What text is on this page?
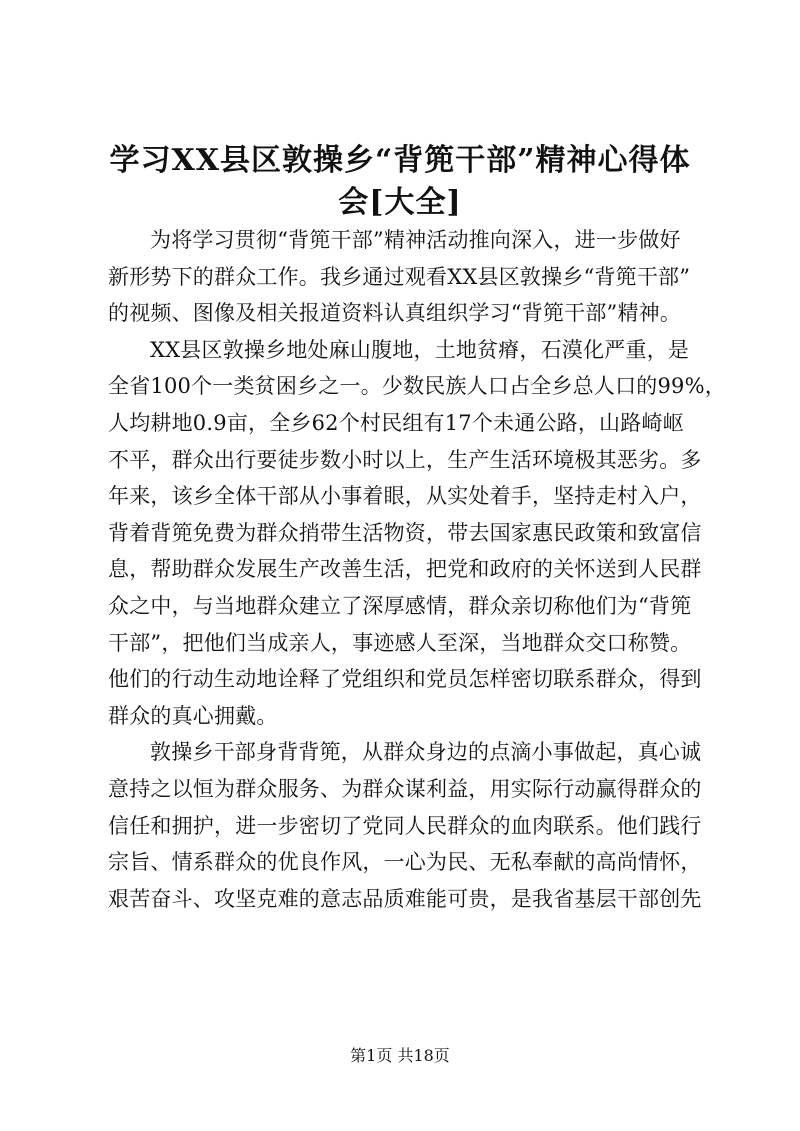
学习XX县区敦操乡“背篼干部”精神心得体
会[大全]
为将学习贯彻“背篼干部”精神活动推向深入，进一步做好
新形势下的群众工作。我乡通过观看XX县区敦操乡“背篼干部”
的视频、图像及相关报道资料认真组织学习“背篼干部”精神。
XX县区敦操乡地处麻山腹地，土地贫瘠，石漠化严重，是
全省100个一类贫困乡之一。少数民族人口占全乡总人口的99%，
人均耕地0.9亩，全乡62个村民组有17个未通公路，山路崎岖
不平，群众出行要徒步数小时以上，生产生活环境极其恶劣。多
年来，该乡全体干部从小事着眼，从实处着手，坚持走村入户，
背着背篼免费为群众捎带生活物资，带去国家惠民政策和致富信
息，帮助群众发展生产改善生活，把党和政府的关怀送到人民群
众之中，与当地群众建立了深厚感情，群众亲切称他们为“背篼
干部”，把他们当成亲人，事迹感人至深，当地群众交口称赞。
他们的行动生动地诠释了党组织和党员怎样密切联系群众，得到
群众的真心拥戴。
敦操乡干部身背背篼，从群众身边的点滴小事做起，真心诚
意持之以恒为群众服务、为群众谋利益，用实际行动赢得群众的
信任和拥护，进一步密切了党同人民群众的血肉联系。他们践行
宗旨、情系群众的优良作风，一心为民、无私奉献的高尚情怀，
艰苦奋斗、攻坚克难的意志品质难能可贵，是我省基层干部创先
第1页 共18页
